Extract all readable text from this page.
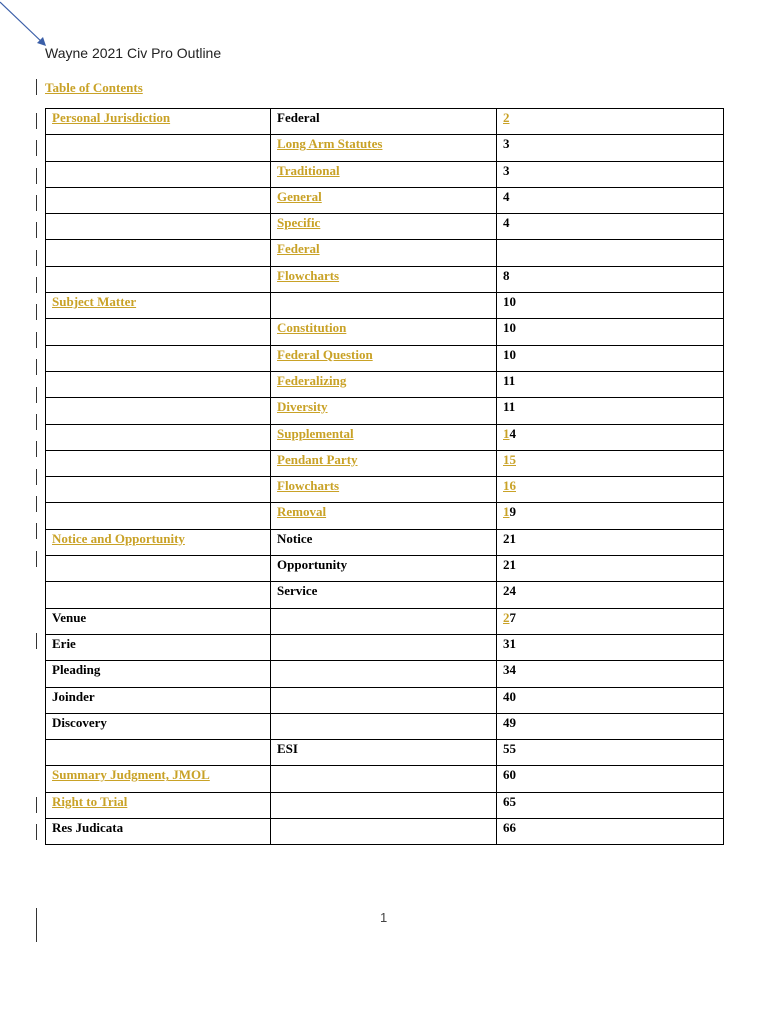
Wayne 2021 Civ Pro Outline
Table of Contents
Personal Jurisdiction	Federal	2
	Long Arm Statutes	3
	Traditional	3
	General	4
	Specific	4
	Federal	
	Flowcharts	8
Subject Matter		10
	Constitution	10
	Federal Question	10
	Federalizing	11
	Diversity	11
	Supplemental	14
	Pendant Party	15
	Flowcharts	16
	Removal	19
Notice and Opportunity	Notice	21
	Opportunity	21
	Service	24
Venue		27
Erie		31
Pleading		34
Joinder		40
Discovery		49
	ESI	55
Summary Judgment, JMOL		60
Right to Trial		65
Res Judicata		66
1
